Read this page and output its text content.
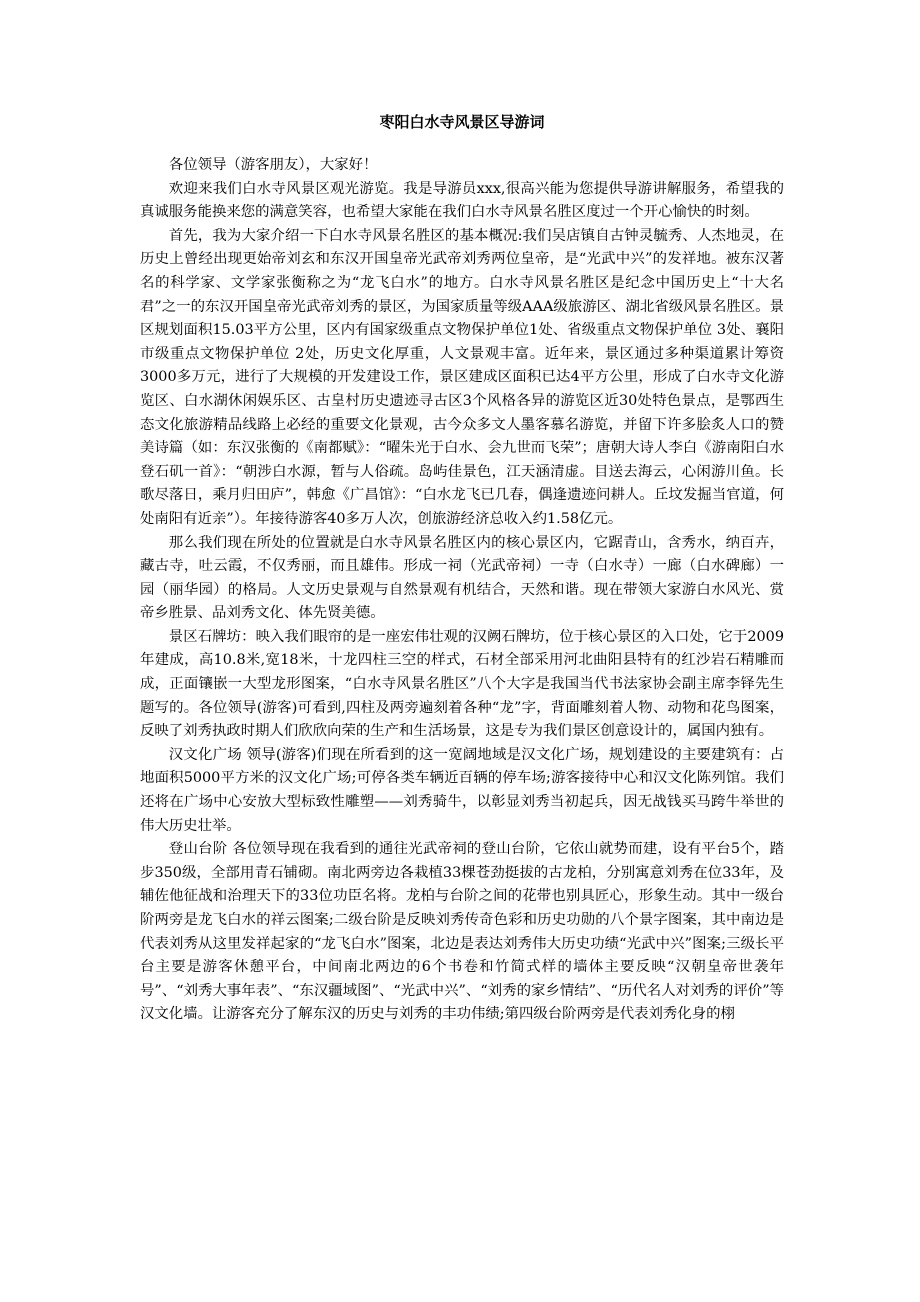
枣阳白水寺风景区导游词

各位领导（游客朋友），大家好！

欢迎来我们白水寺风景区观光游览。我是导游员xxx,很高兴能为您提供导游讲解服务，希望我的真诚服务能换来您的满意笑容，也希望大家能在我们白水寺风景名胜区度过一个开心愉快的时刻。

首先，我为大家介绍一下白水寺风景名胜区的基本概况:我们吴店镇自古钟灵毓秀、人杰地灵，在历史上曾经出现更始帝刘玄和东汉开国皇帝光武帝刘秀两位皇帝，是“光武中兴”的发祥地。被东汉著名的科学家、文学家张衡称之为“龙飞白水”的地方。白水寺风景名胜区是纪念中国历史上“十大名君”之一的东汉开国皇帝光武帝刘秀的景区，为国家质量等级AAA级旅游区、湖北省级风景名胜区。景区规划面积15.03平方公里，区内有国家级重点文物保护单位1处、省级重点文物保护单位 3处、襄阳市级重点文物保护单位 2处，历史文化厚重，人文景观丰富。近年来，景区通过多种渠道累计筹资3000多万元，进行了大规模的开发建设工作，景区建成区面积已达4平方公里，形成了白水寺文化游览区、白水湖休闲娱乐区、古皇村历史遗迹寻古区3个风格各异的游览区近30处特色景点，是鄂西生态文化旅游精品线路上必经的重要文化景观，古今众多文人墨客慕名游览，并留下许多脍炙人口的赞美诗篇（如：东汉张衡的《南都赋》：“曜朱光于白水、会九世而飞荣”；唐朝大诗人李白《游南阳白水登石矶一首》：“朝涉白水源，暂与人俗疏。岛屿佳景色，江天涵清虚。目送去海云，心闲游川鱼。长歌尽落日，乘月归田庐”，韩愈《广昌馆》：“白水龙飞已几春，偶逢遗迹问耕人。丘坟发掘当官道，何处南阳有近亲”）。年接待游客40多万人次，创旅游经济总收入约1.58亿元。

那么我们现在所处的位置就是白水寺风景名胜区内的核心景区内，它踞青山，含秀水，纳百卉，藏古寺，吐云霞，不仅秀丽，而且雄伟。形成一祠（光武帝祠）一寺（白水寺）一廊（白水碑廊）一园（丽华园）的格局。人文历史景观与自然景观有机结合，天然和谐。现在带领大家游白水风光、赏帝乡胜景、品刘秀文化、体先贤美德。

景区石牌坊：映入我们眼帘的是一座宏伟壮观的汉阙石牌坊，位于核心景区的入口处，它于2009年建成，高10.8米,宽18米，十龙四柱三空的样式，石材全部采用河北曲阳县特有的红沙岩石精雕而成，正面镶嵌一大型龙形图案，“白水寺风景名胜区”八个大字是我国当代书法家协会副主席李铎先生题写的。各位领导(游客)可看到,四柱及两旁遍刻着各种“龙”字，背面雕刻着人物、动物和花鸟图案，反映了刘秀执政时期人们欣欣向荣的生产和生活场景，这是专为我们景区创意设计的，属国内独有。

汉文化广场 领导(游客)们现在所看到的这一宽阔地域是汉文化广场，规划建设的主要建筑有：占地面积5000平方米的汉文化广场;可停各类车辆近百辆的停车场;游客接待中心和汉文化陈列馆。我们还将在广场中心安放大型标致性雕塑——刘秀骑牛，以彰显刘秀当初起兵，因无战钱买马跨牛举世的伟大历史壮举。

登山台阶 各位领导现在我看到的通往光武帝祠的登山台阶，它依山就势而建，设有平台5个，踏步350级，全部用青石铺砌。南北两旁边各栽植33棵苍劲挺拔的古龙柏，分别寓意刘秀在位33年，及辅佐他征战和治理天下的33位功臣名将。龙柏与台阶之间的花带也别具匠心，形象生动。其中一级台阶两旁是龙飞白水的祥云图案;二级台阶是反映刘秀传奇色彩和历史功勋的八个景字图案，其中南边是代表刘秀从这里发祥起家的“龙飞白水”图案，北边是表达刘秀伟大历史功绩“光武中兴”图案;三级长平台主要是游客休憩平台，中间南北两边的6个书卷和竹简式样的墙体主要反映“汉朝皇帝世袭年号”、“刘秀大事年表”、“东汉疆域图”、“光武中兴”、“刘秀的家乡情结”、“历代名人对刘秀的评价”等汉文化墙。让游客充分了解东汉的历史与刘秀的丰功伟绩;第四级台阶两旁是代表刘秀化身的栩
